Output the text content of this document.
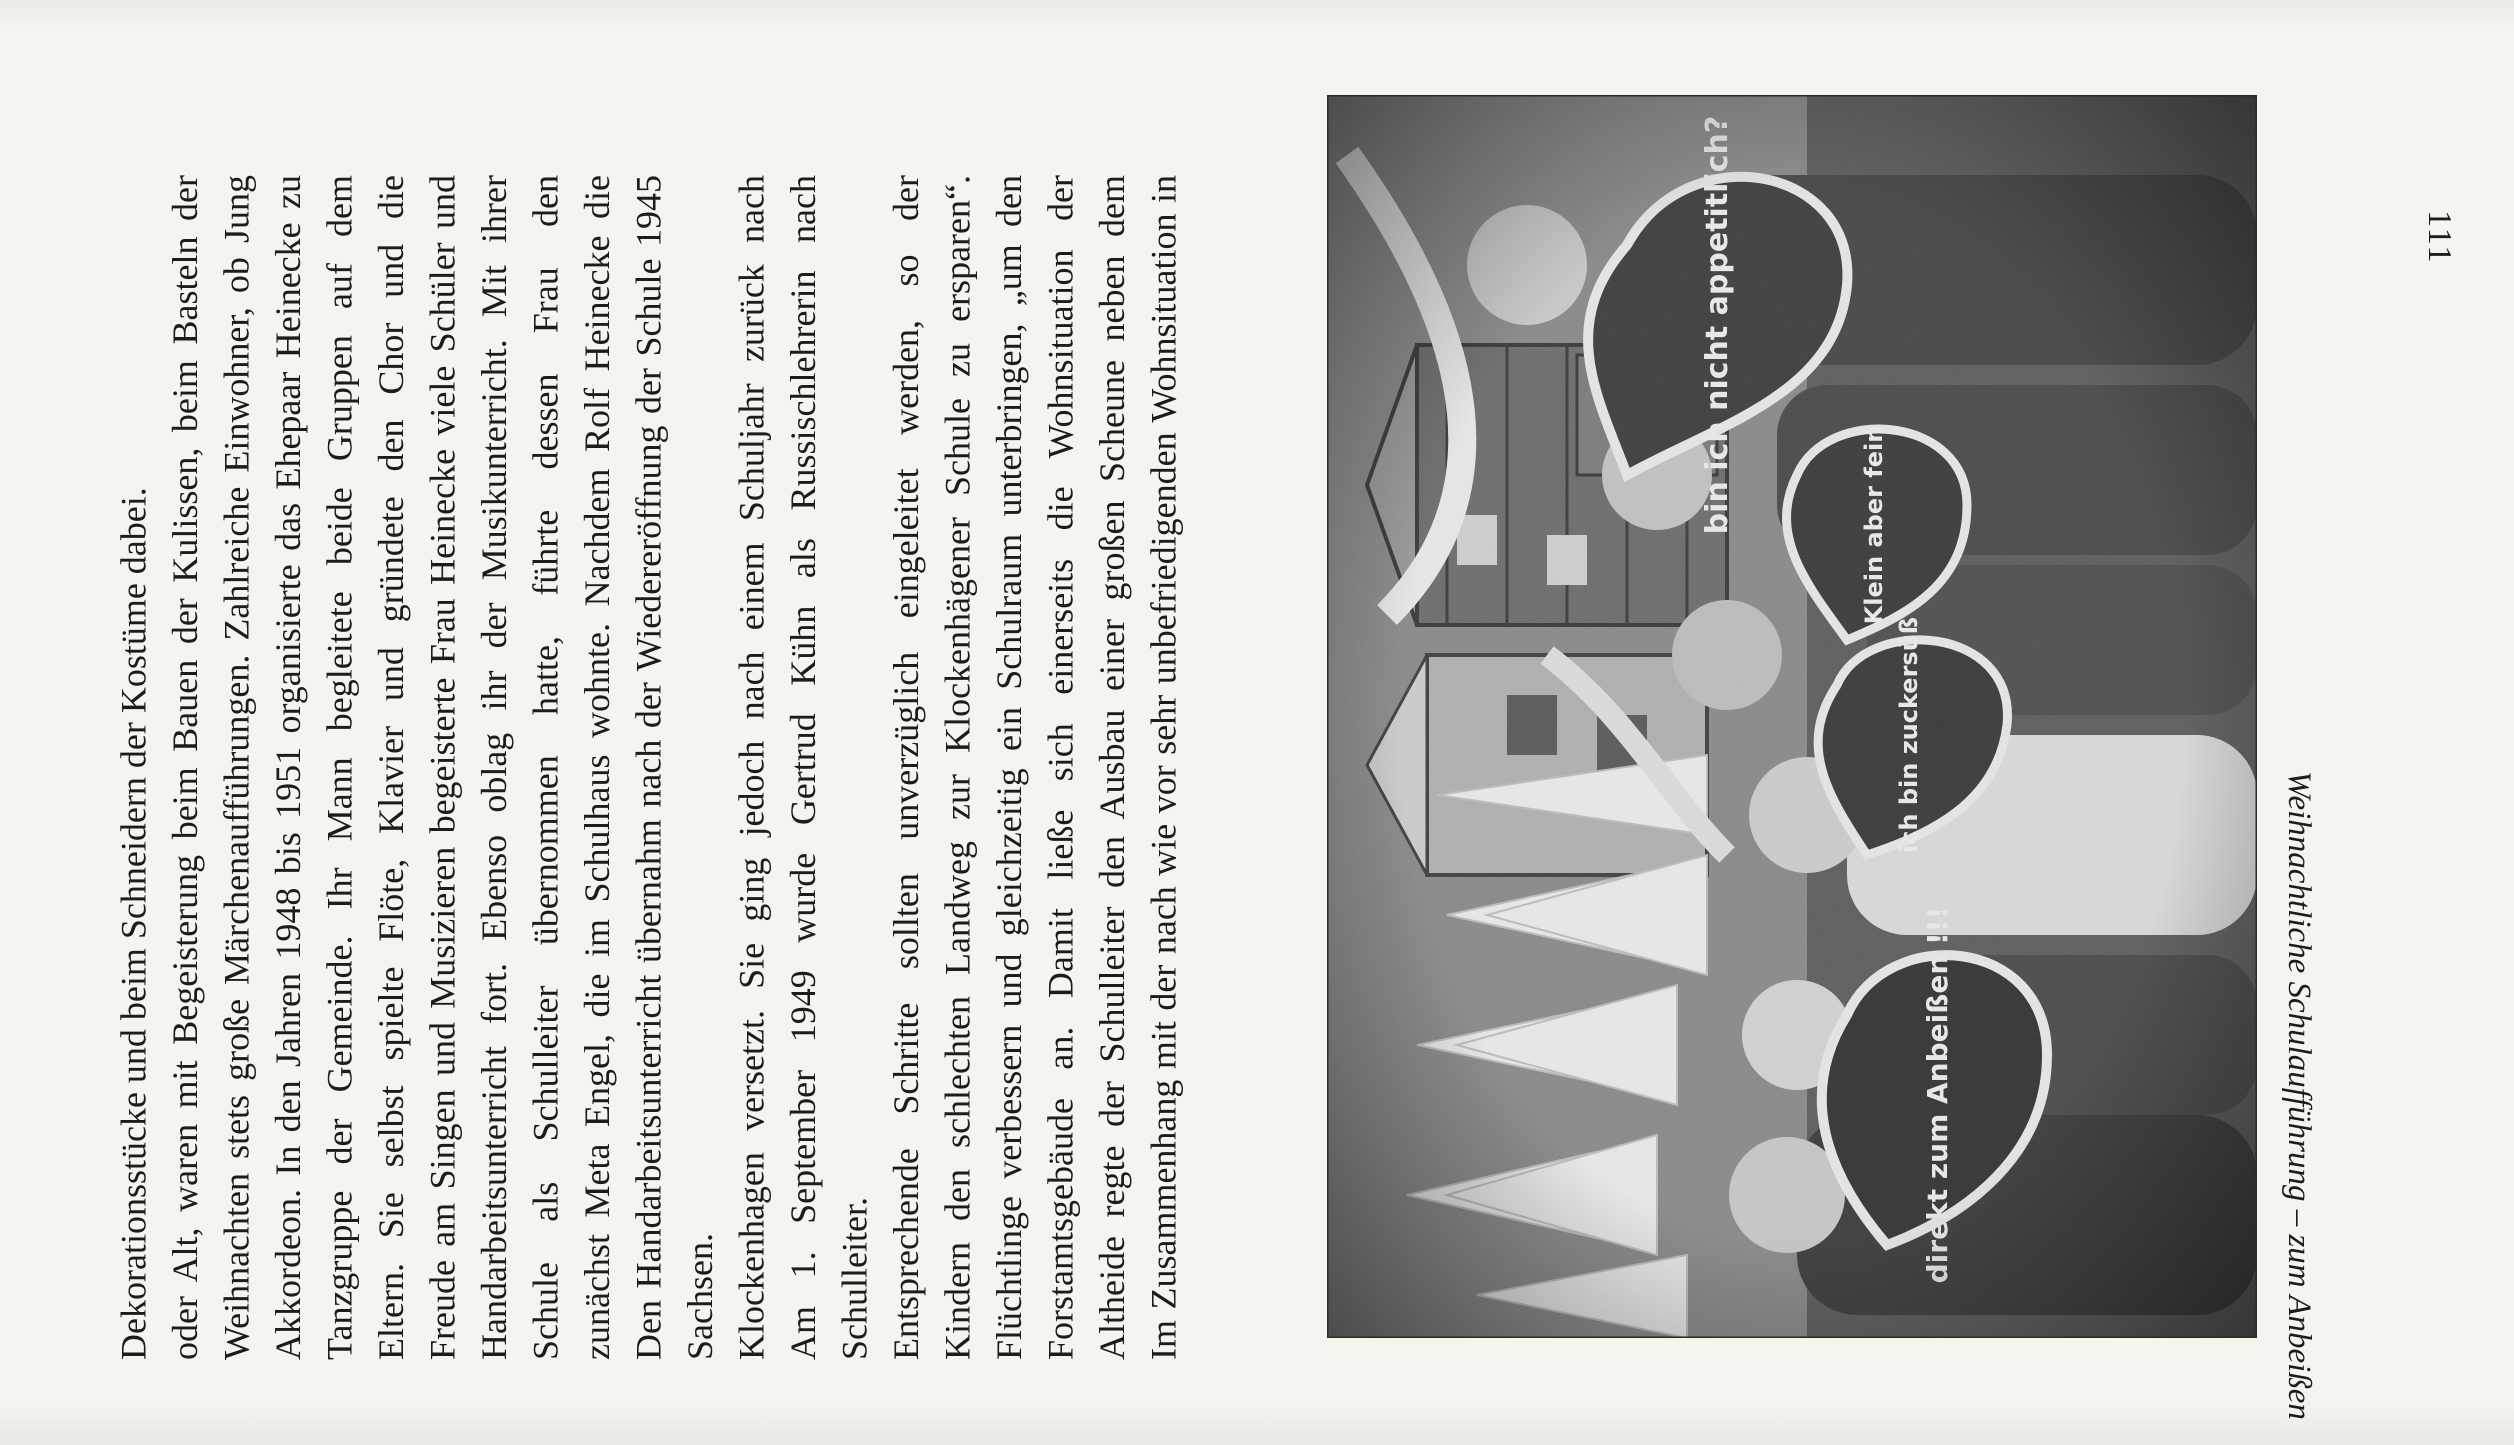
Im Zusammenhang mit der nach wie vor sehr unbefriedigenden Wohnsituation in Altheide regte der Schulleiter den Ausbau einer großen Scheune neben dem Forstamtsgebäude an. Damit ließe sich einerseits die Wohnsituation der Flüchtlinge verbessern und gleichzeitig ein Schulraum unterbringen, „um den Kindern den schlechten Landweg zur Klockenhägener Schule zu ersparen“. Entsprechende Schritte sollten unverzüglich eingeleitet werden, so der Schulleiter.

Am 1. September 1949 wurde Gertrud Kühn als Russischlehrerin nach Klockenhagen versetzt. Sie ging jedoch nach einem Schuljahr zurück nach Sachsen.

Den Handarbeitsunterricht übernahm nach der Wiedereröffnung der Schule 1945 zunächst Meta Engel, die im Schulhaus wohnte. Nachdem Rolf Heinecke die Schule als Schulleiter übernommen hatte, führte dessen Frau den Handarbeitsunterricht fort. Ebenso oblag ihr der Musikunterricht. Mit ihrer Freude am Singen und Musizieren begeisterte Frau Heinecke viele Schüler und Eltern. Sie selbst spielte Flöte, Klavier und gründete den Chor und die Tanzgruppe der Gemeinde. Ihr Mann begleitete beide Gruppen auf dem Akkordeon. In den Jahren 1948 bis 1951 organisierte das Ehepaar Heinecke zu Weihnachten stets große Märchenaufführungen. Zahlreiche Einwohner, ob Jung oder Alt, waren mit Begeisterung beim Bauen der Kulissen, beim Basteln der Dekorationsstücke und beim Schneidern der Kostüme dabei.	Weihnachtliche Schulaufführung – zum Anbeißen
111
